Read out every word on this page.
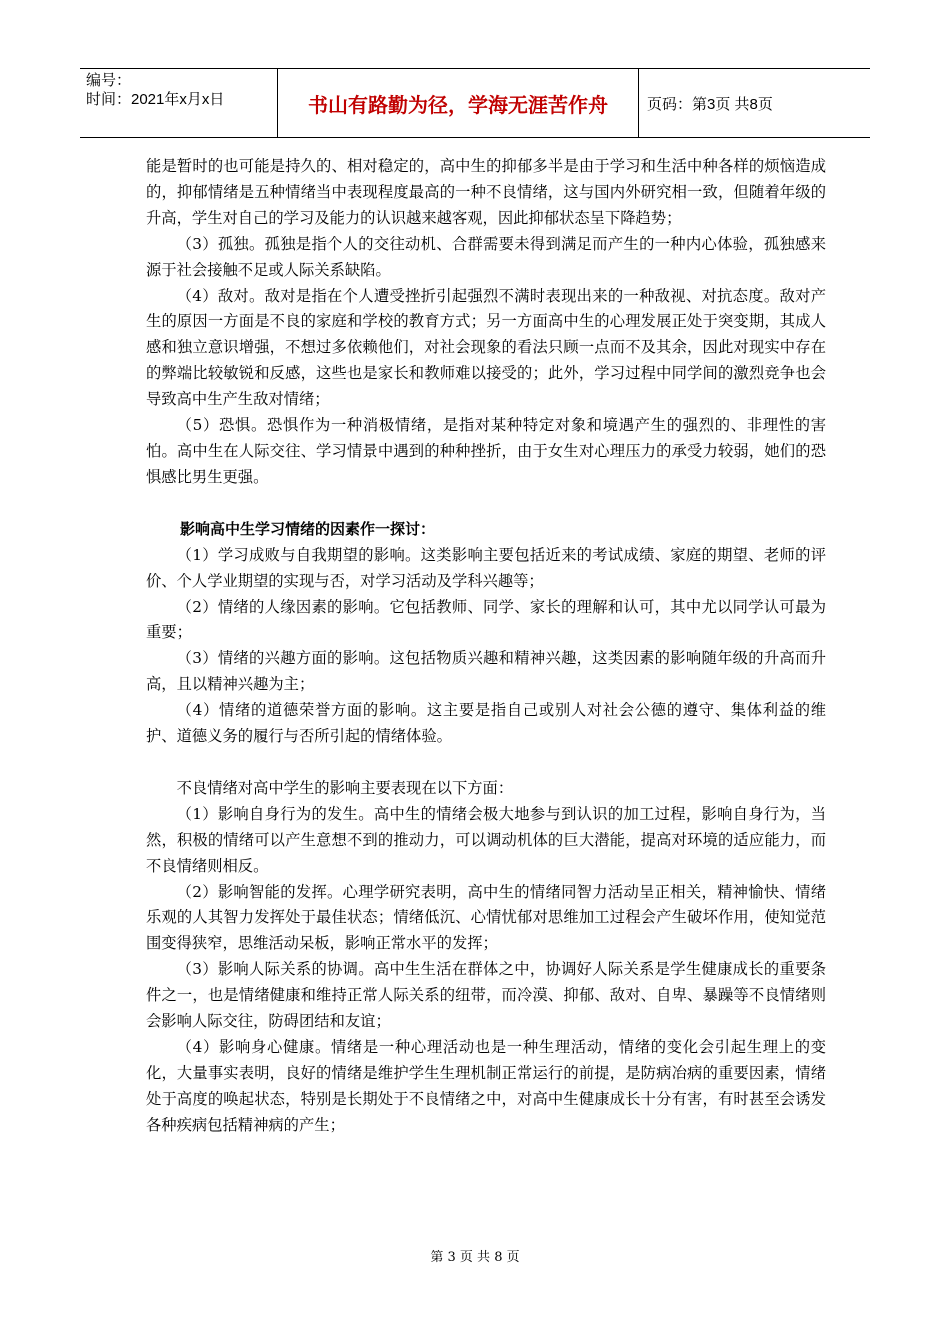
编号：
时间：2021年x月x日	书山有路勤为径，学海无涯苦作舟	页码：第3页 共8页

能是暂时的也可能是持久的、相对稳定的，高中生的抑郁多半是由于学习和生活中种各样的烦恼造成的，抑郁情绪是五种情绪当中表现程度最高的一种不良情绪，这与国内外研究相一致，但随着年级的升高，学生对自己的学习及能力的认识越来越客观，因此抑郁状态呈下降趋势；

（3）孤独。孤独是指个人的交往动机、合群需要未得到满足而产生的一种内心体验，孤独感来源于社会接触不足或人际关系缺陷。

（4）敌对。敌对是指在个人遭受挫折引起强烈不满时表现出来的一种敌视、对抗态度。敌对产生的原因一方面是不良的家庭和学校的教育方式；另一方面高中生的心理发展正处于突变期，其成人感和独立意识增强，不想过多依赖他们，对社会现象的看法只顾一点而不及其余，因此对现实中存在的弊端比较敏锐和反感，这些也是家长和教师难以接受的；此外，学习过程中同学间的激烈竞争也会导致高中生产生敌对情绪；

（5）恐惧。恐惧作为一种消极情绪，是指对某种特定对象和境遇产生的强烈的、非理性的害怕。高中生在人际交往、学习情景中遇到的种种挫折，由于女生对心理压力的承受力较弱，她们的恐惧感比男生更强。

影响高中生学习情绪的因素作一探讨：

（1）学习成败与自我期望的影响。这类影响主要包括近来的考试成绩、家庭的期望、老师的评价、个人学业期望的实现与否，对学习活动及学科兴趣等；

（2）情绪的人缘因素的影响。它包括教师、同学、家长的理解和认可，其中尤以同学认可最为重要；

（3）情绪的兴趣方面的影响。这包括物质兴趣和精神兴趣，这类因素的影响随年级的升高而升高，且以精神兴趣为主；

（4）情绪的道德荣誉方面的影响。这主要是指自己或别人对社会公德的遵守、集体利益的维护、道德义务的履行与否所引起的情绪体验。

不良情绪对高中学生的影响主要表现在以下方面：

（1）影响自身行为的发生。高中生的情绪会极大地参与到认识的加工过程，影响自身行为，当然，积极的情绪可以产生意想不到的推动力，可以调动机体的巨大潜能，提高对环境的适应能力，而不良情绪则相反。

（2）影响智能的发挥。心理学研究表明，高中生的情绪同智力活动呈正相关，精神愉快、情绪乐观的人其智力发挥处于最佳状态；情绪低沉、心情忧郁对思维加工过程会产生破坏作用，使知觉范围变得狭窄，思维活动呆板，影响正常水平的发挥；

（3）影响人际关系的协调。高中生生活在群体之中，协调好人际关系是学生健康成长的重要条件之一，也是情绪健康和维持正常人际关系的纽带，而冷漠、抑郁、敌对、自卑、暴躁等不良情绪则会影响人际交往，防碍团结和友谊；

（4）影响身心健康。情绪是一种心理活动也是一种生理活动，情绪的变化会引起生理上的变化，大量事实表明，良好的情绪是维护学生生理机制正常运行的前提，是防病冶病的重要因素，情绪处于高度的唤起状态，特别是长期处于不良情绪之中，对高中生健康成长十分有害，有时甚至会诱发各种疾病包括精神病的产生；

第 3 页 共 8 页
